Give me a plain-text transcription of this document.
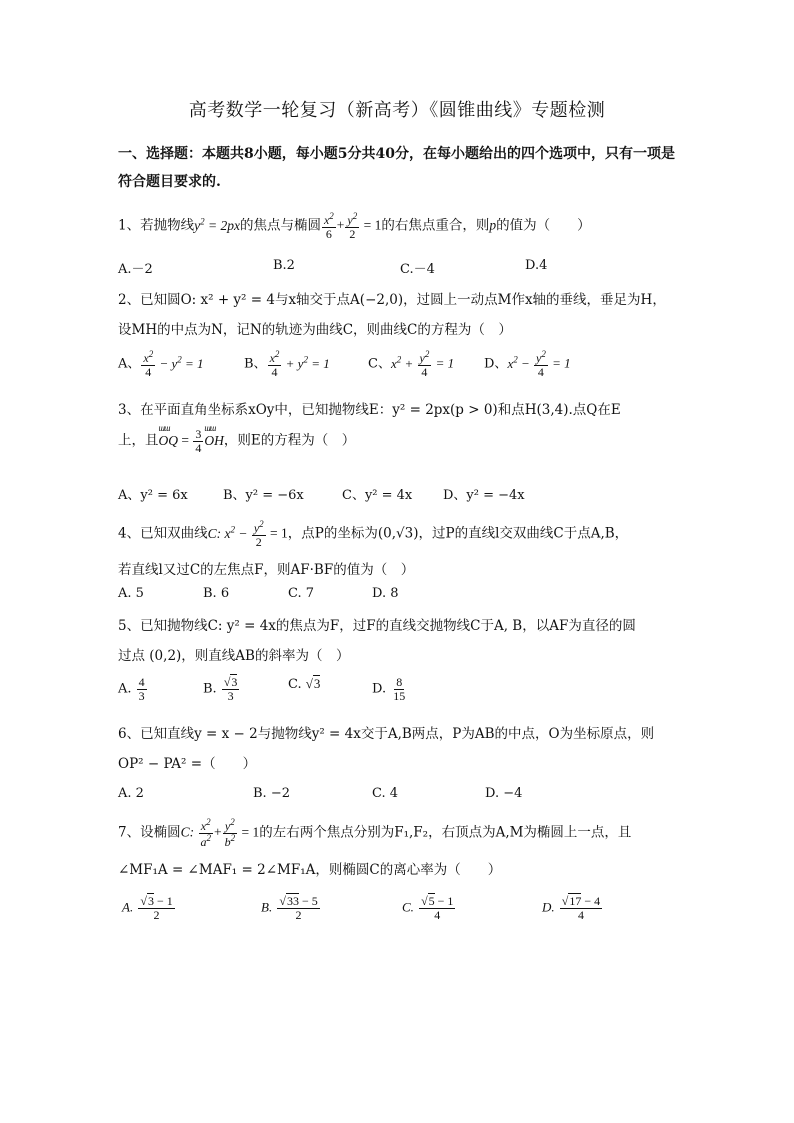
高考数学一轮复习（新高考）《圆锥曲线》专题检测
一、选择题：本题共8小题，每小题5分共40分，在每小题给出的四个选项中，只有一项是符合题目要求的.
1、若抛物线$y^2 = 2px$的焦点与椭圆 $\frac{x^2}{6} + \frac{y^2}{2} = 1$的右焦点重合，则p的值为（　　）
A.－2	B.2	C.－4	D.4
2、已知圆O: x² + y² = 4与x轴交于点A(−2,0)，过圆上一动点M作x轴的垂线，垂足为H，
设MH的中点为N，记N的轨迹为曲线C，则曲线C的方程为（　）
A、 $\frac{x^2}{4} - y^2 = 1$	B、 $\frac{x^2}{4} + y^2 = 1$	C、$x^2 + \frac{y^2}{4} = 1$ D、$x^2 - \frac{y^2}{4} = 1$
3、在平面直角坐标系xOy中，已知抛物线E：y² = 2px(p > 0)和点H(3,4).点Q在E
上，且ɯɯ OQ = $\frac{3}{4}$
ɯɯ OH，则E的方程为（　）
A、y² = 6x	B、y² = −6x	C、y² = 4x D、y² = −4x
4、已知双曲线C: $x^2 - \frac{y^2}{2} = 1$，点P的坐标为(0,√3)，过P的直线l交双曲线C于点A,B，
若直线l又过C的左焦点F，则AF·BF的值为（　）
A. 5	B. 6	C. 7	D. 8
5、已知抛物线C: y² = 4x的焦点为F，过F的直线交抛物线C于A, B，以AF为直径的圆
过点 (0,2)，则直线AB的斜率为（　）
A. $\frac{4}{3}$	B. $\frac{√3}{3}$	C. √3	D. $\frac{8}{15}$
6、已知直线y = x − 2与抛物线y² = 4x交于A,B两点，P为AB的中点，O为坐标原点，则
OP² − PA² =（　　）
A. 2	B. −2	C. 4	D. −4
7、设椭圆C: $\frac{x^2}{a^2} + \frac{y^2}{b^2} = 1$的左右两个焦点分别为F₁,F₂，右顶点为A,M为椭圆上一点，且
∠MF₁A = ∠MAF₁ = 2∠MF₁A，则椭圆C的离心率为（　　）
A. $\frac{√3 - 1}{2}$	B. $\frac{√33 - 5}{2}$	C. $\frac{√5 - 1}{4}$	D. $\frac{√17 - 4}{4}$
